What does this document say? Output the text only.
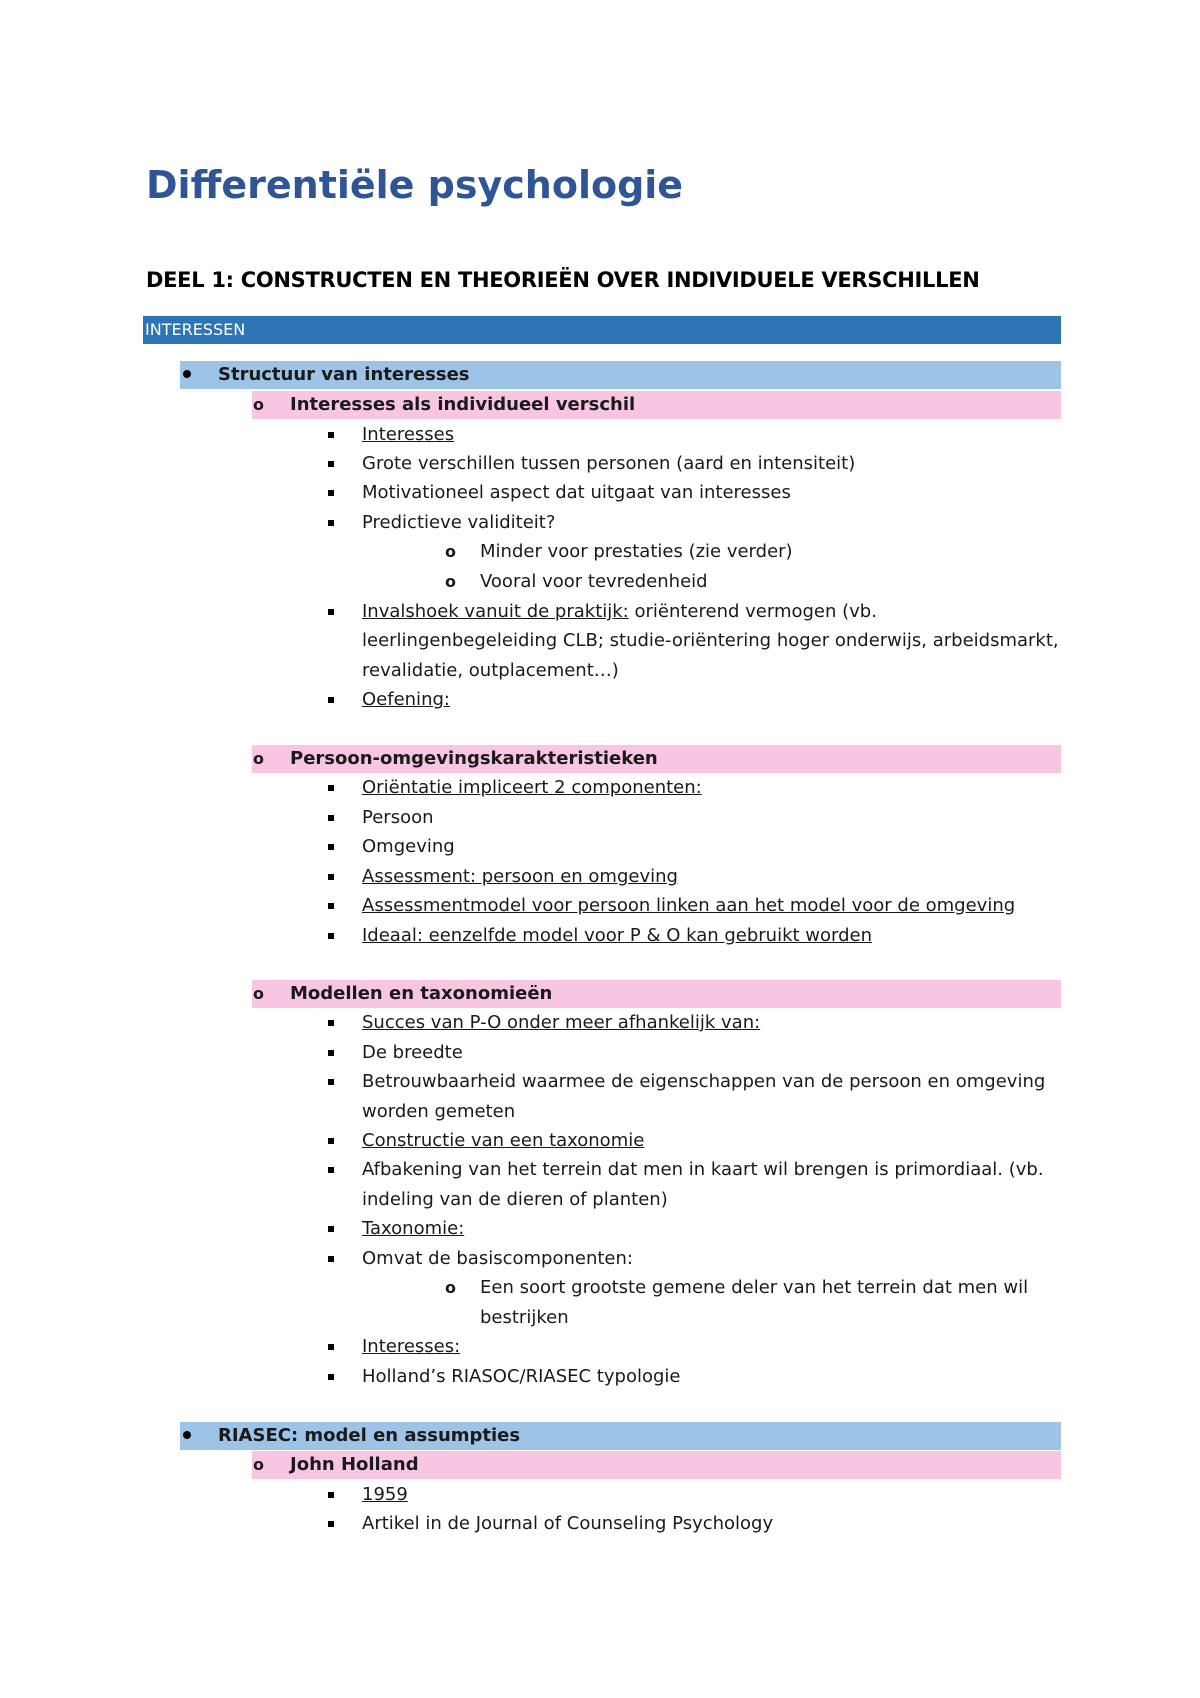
Differentiële psychologie
DEEL 1: CONSTRUCTEN EN THEORIEËN OVER INDIVIDUELE VERSCHILLEN
INTERESSEN
Structuur van interesses
o Interesses als individueel verschil
Interesses
Grote verschillen tussen personen (aard en intensiteit)
Motivationeel aspect dat uitgaat van interesses
Predictieve validiteit?
o Minder voor prestaties (zie verder)
o Vooral voor tevredenheid
Invalshoek vanuit de praktijk: oriënterend vermogen (vb.
leerlingenbegeleiding CLB; studie-oriëntering hoger onderwijs, arbeidsmarkt,
revalidatie, outplacement…)
Oefening:
o Persoon-omgevingskarakteristieken
Oriëntatie impliceert 2 componenten:
Persoon
Omgeving
Assessment: persoon en omgeving
Assessmentmodel voor persoon linken aan het model voor de omgeving
Ideaal: eenzelfde model voor P & O kan gebruikt worden
o Modellen en taxonomieën
Succes van P-O onder meer afhankelijk van:
De breedte
Betrouwbaarheid waarmee de eigenschappen van de persoon en omgeving
worden gemeten
Constructie van een taxonomie
Afbakening van het terrein dat men in kaart wil brengen is primordiaal. (vb.
indeling van de dieren of planten)
Taxonomie:
Omvat de basiscomponenten:
o Een soort grootste gemene deler van het terrein dat men wil
bestrijken
Interesses:
Holland’s RIASOC/RIASEC typologie
RIASEC: model en assumpties
o John Holland
1959
Artikel in de Journal of Counseling Psychology
